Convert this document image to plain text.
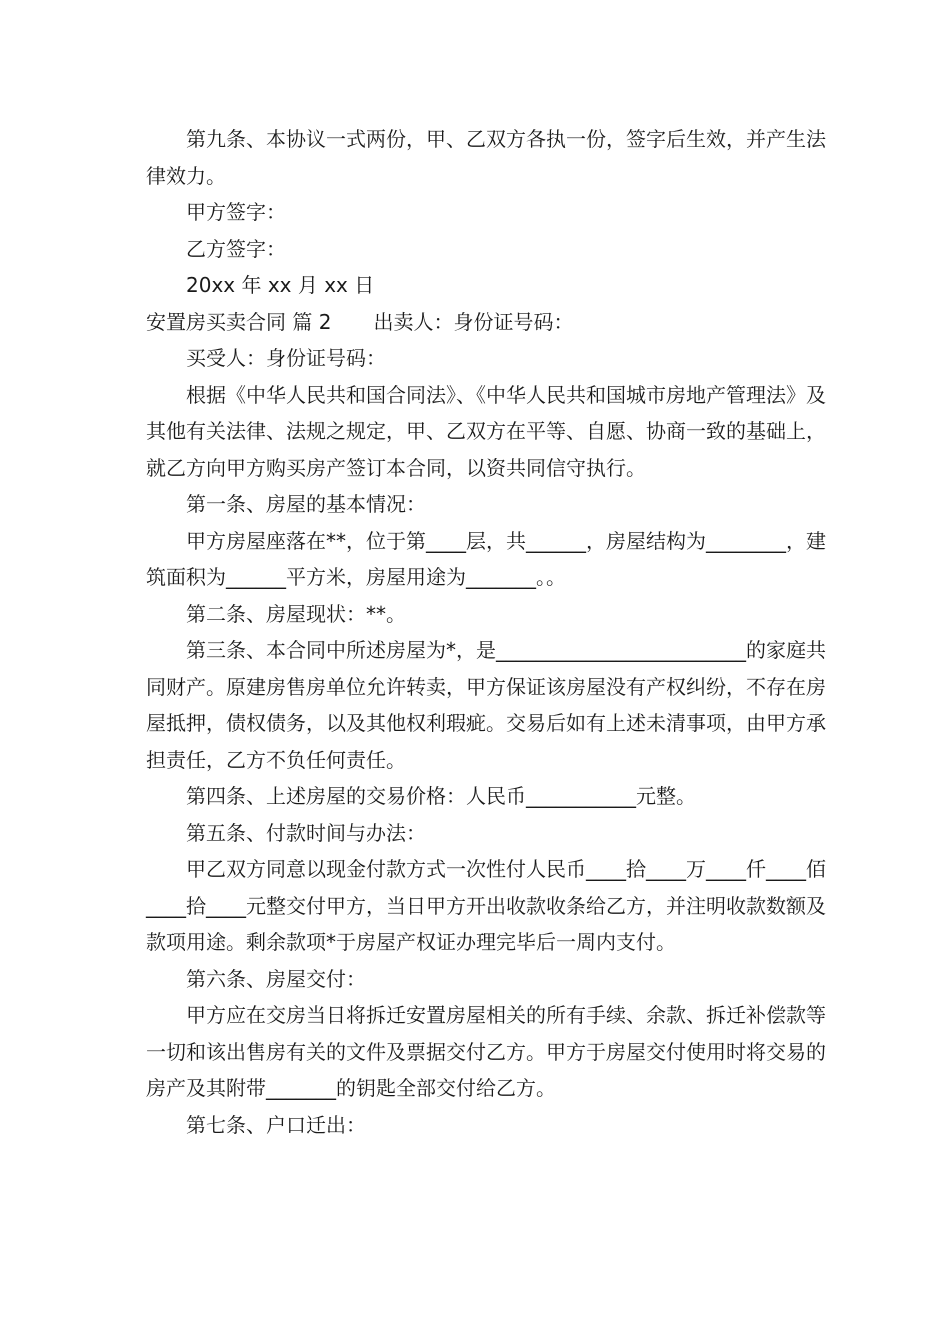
第九条、本协议一式两份，甲、乙双方各执一份，签字后生效，并产生法律效力。

甲方签字：

乙方签字：

20xx 年 xx 月 xx 日

安置房买卖合同 篇 2 出卖人：身份证号码：

买受人：身份证号码：

根据《中华人民共和国合同法》、《中华人民共和国城市房地产管理法》及其他有关法律、法规之规定，甲、乙双方在平等、自愿、协商一致的基础上，就乙方向甲方购买房产签订本合同，以资共同信守执行。

第一条、房屋的基本情况：

甲方房屋座落在**，位于第____层，共______，房屋结构为________，建筑面积为______平方米，房屋用途为_______。。

第二条、房屋现状：**。

第三条、本合同中所述房屋为*，是_________________________的家庭共同财产。原建房售房单位允许转卖，甲方保证该房屋没有产权纠纷，不存在房屋抵押，债权债务，以及其他权利瑕疵。交易后如有上述未清事项，由甲方承担责任，乙方不负任何责任。

第四条、上述房屋的交易价格：人民币___________元整。

第五条、付款时间与办法：

甲乙双方同意以现金付款方式一次性付人民币____拾____万____仟____佰____拾____元整交付甲方，当日甲方开出收款收条给乙方，并注明收款数额及款项用途。剩余款项*于房屋产权证办理完毕后一周内支付。

第六条、房屋交付：

甲方应在交房当日将拆迁安置房屋相关的所有手续、余款、拆迁补偿款等一切和该出售房有关的文件及票据交付乙方。甲方于房屋交付使用时将交易的房产及其附带_______的钥匙全部交付给乙方。

第七条、户口迁出：
